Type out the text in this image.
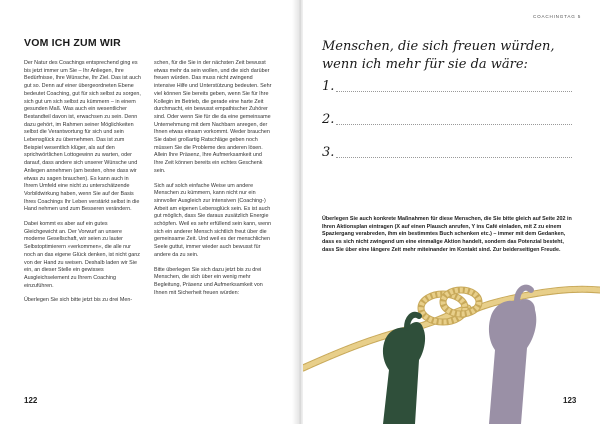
VOM ICH ZUM WIR

Der Natur des Coachings entsprechend ging es bis jetzt immer um Sie – Ihr Anliegen, Ihre Bedürfnisse, Ihre Wünsche, Ihr Ziel. Das ist auch gut so. Denn auf einer übergeordneten Ebene bedeutet Coaching, gut für sich selbst zu sorgen, sich gut um sich selbst zu kümmern – in einem gesunden Maß. Was auch ein wesentlicher Bestandteil davon ist, erwachsen zu sein. Denn dazu gehört, im Rahmen seiner Möglichkeiten selbst die Verantwortung für sich und sein Lebensglück zu übernehmen. Das ist zum Beispiel wesentlich klüger, als auf den sprichwörtlichen Lottogewinn zu warten, oder darauf, dass andere sich unserer Wünsche und Anliegen annehmen (am besten, ohne dass wir etwas zu sagen brauchen). Es kann auch in Ihrem Umfeld eine nicht zu unterschätzende Vorbildwirkung haben, wenn Sie auf der Basis Ihres Coachings Ihr Leben verstärkt selbst in die Hand nehmen und zum Besseren verändern.

Dabei kommt es aber auf ein gutes Gleichgewicht an. Der Vorwurf an unsere moderne Gesellschaft, wir seien zu lauter Selbstoptimierern »verkommen«, die alle nur noch an das eigene Glück denken, ist nicht ganz von der Hand zu weisen. Deshalb laden wir Sie ein, an dieser Stelle ein gewisses Ausgleichselement zu Ihrem Coaching einzuführen.

Überlegen Sie sich bitte jetzt bis zu drei Men-

schen, für die Sie in der nächsten Zeit bewusst etwas mehr da sein wollen, und die sich darüber freuen würden. Das muss nicht zwingend intensive Hilfe und Unterstützung bedeuten. Sehr viel können Sie bereits geben, wenn Sie für Ihre Kollegin im Betrieb, die gerade eine harte Zeit durchmacht, ein bewusst empathischer Zuhörer sind. Oder wenn Sie für die da eine gemeinsame Unternehmung mit dem Nachbarn anregen, der Ihnen etwas einsam vorkommt. Weder brauchen Sie dabei großartig Ratschläge geben noch müssen Sie die Probleme des anderen lösen. Allein Ihre Präsenz, Ihre Aufmerksamkeit und Ihre Zeit können bereits ein echtes Geschenk sein.

Sich auf solch einfache Weise um andere Menschen zu kümmern, kann nicht nur ein sinnvoller Ausgleich zur intensiven (Coaching-) Arbeit am eigenen Lebensglück sein. Es ist auch gut möglich, dass Sie daraus zusätzlich Energie schöpfen. Weil es sehr erfüllend sein kann, wenn sich ein anderer Mensch sichtlich freut über die gemeinsame Zeit. Und weil es der menschlichen Seele guttut, immer wieder auch bewusst für andere da zu sein.

Bitte überlegen Sie sich dazu jetzt bis zu drei Menschen, die sich über ein wenig mehr Begleitung, Präsenz und Aufmerksamkeit von Ihnen mit Sicherheit freuen würden:

122
COACHINGTAG 5
Menschen, die sich freuen würden, wenn ich mehr für sie da wäre:
1.
2.
3.
Überlegen Sie auch konkrete Maßnahmen für diese Menschen, die Sie bitte gleich auf Seite 202 in Ihren Aktionsplan eintragen (X auf einen Plausch anrufen, Y ins Café einladen, mit Z zu einem Spaziergang verabreden, ihm ein bestimmtes Buch schenken etc.) – immer mit dem Gedanken, dass es sich nicht zwingend um eine einmalige Aktion handelt, sondern das Potenzial besteht, dass Sie über eine längere Zeit mehr miteinander im Kontakt sind. Zur beiderseitigen Freude.
123
